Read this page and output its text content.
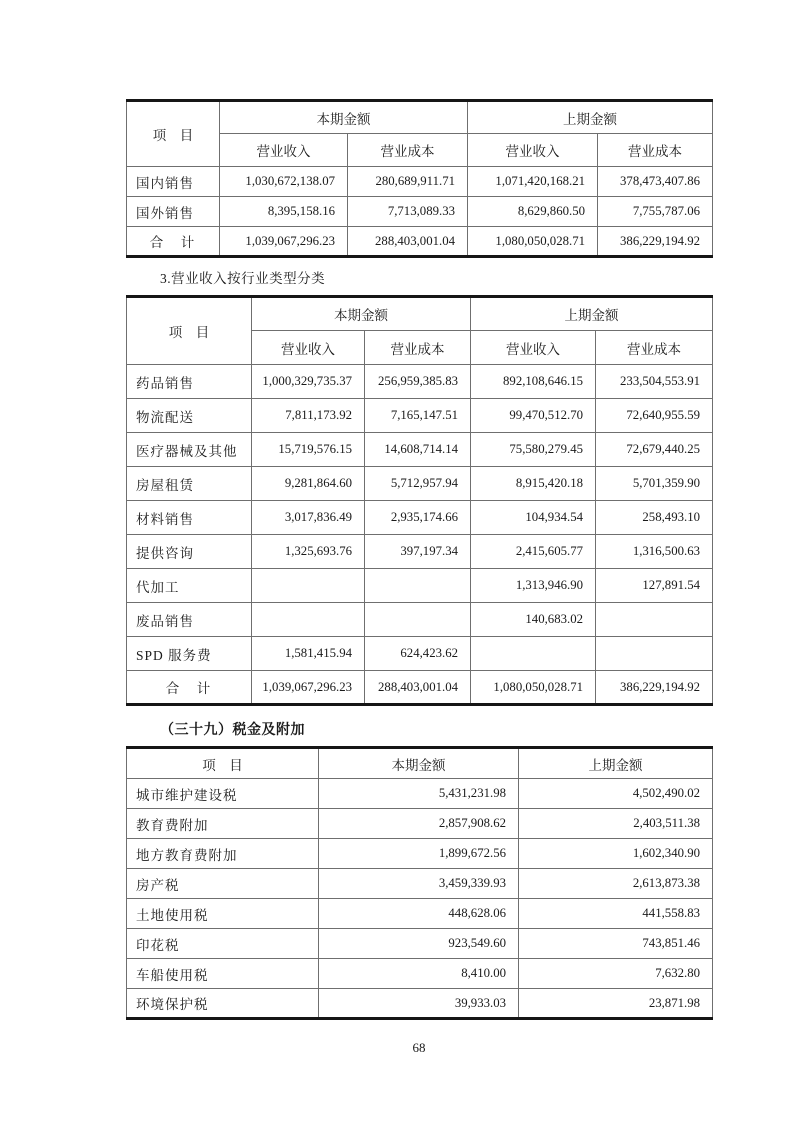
项　目	本期金额		上期金额	
	营业收入	营业成本	营业收入	营业成本
国内销售	1,030,672,138.07	280,689,911.71	1,071,420,168.21	378,473,407.86
国外销售	8,395,158.16	7,713,089.33	8,629,860.50	7,755,787.06
合　计	1,039,067,296.23	288,403,001.04	1,080,050,028.71	386,229,194.92
3.营业收入按行业类型分类
项　目	本期金额		上期金额	
	营业收入	营业成本	营业收入	营业成本
药品销售	1,000,329,735.37	256,959,385.83	892,108,646.15	233,504,553.91
物流配送	7,811,173.92	7,165,147.51	99,470,512.70	72,640,955.59
医疗器械及其他	15,719,576.15	14,608,714.14	75,580,279.45	72,679,440.25
房屋租赁	9,281,864.60	5,712,957.94	8,915,420.18	5,701,359.90
材料销售	3,017,836.49	2,935,174.66	104,934.54	258,493.10
提供咨询	1,325,693.76	397,197.34	2,415,605.77	1,316,500.63
代加工			1,313,946.90	127,891.54
废品销售			140,683.02	
SPD 服务费	1,581,415.94	624,423.62		
合　计	1,039,067,296.23	288,403,001.04	1,080,050,028.71	386,229,194.92
（三十九）税金及附加
项　目	本期金额	上期金额
城市维护建设税	5,431,231.98	4,502,490.02
教育费附加	2,857,908.62	2,403,511.38
地方教育费附加	1,899,672.56	1,602,340.90
房产税	3,459,339.93	2,613,873.38
土地使用税	448,628.06	441,558.83
印花税	923,549.60	743,851.46
车船使用税	8,410.00	7,632.80
环境保护税	39,933.03	23,871.98
68
